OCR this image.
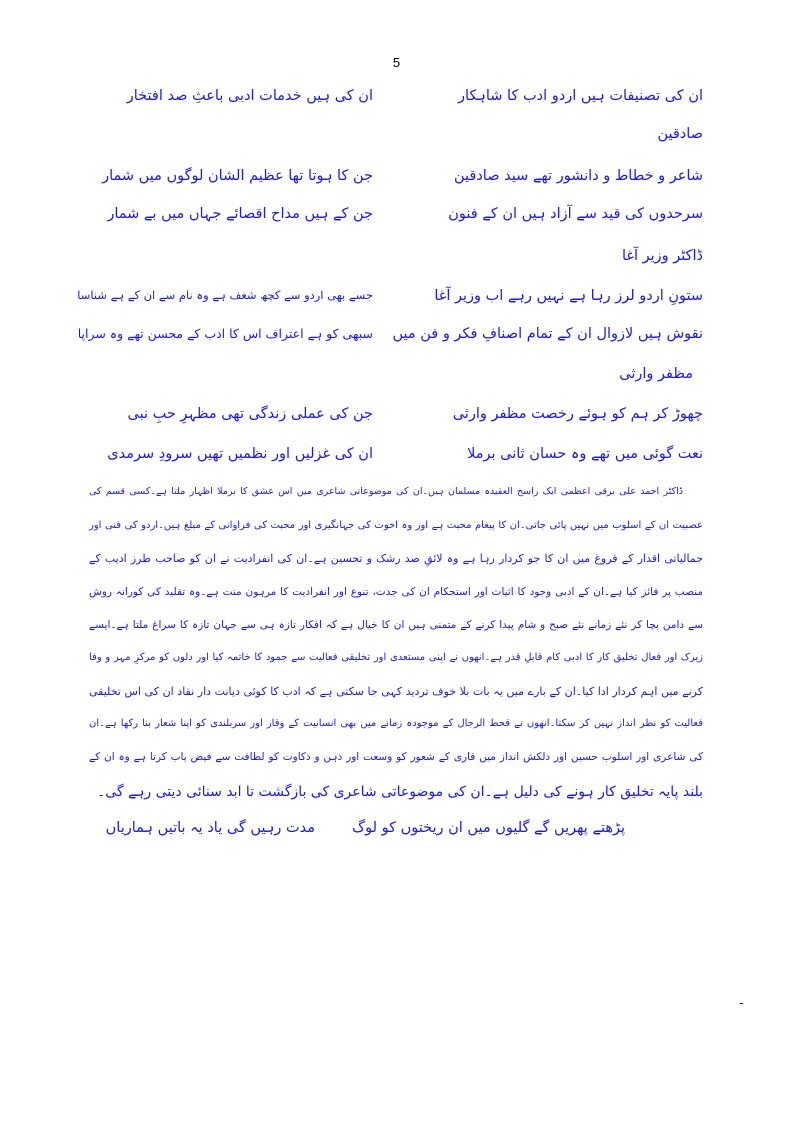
5
ان کی تصنیفات ہیں اردو ادب کا شاہکار
ان کی ہیں خدمات ادبی باعثِ صد افتخار
صادقین
شاعر و خطاط و دانشور تھے سید صادقین
جن کا ہوتا تھا عظیم الشان لوگوں میں شمار
سرحدوں کی قید سے آزاد ہیں ان کے فنون
جن کے ہیں مداح اقصائے جہاں میں بے شمار
ڈاکٹر وزیر آغا
ستونِ اردو لرز رہا ہے نہیں رہے اب وزیر آغا
جسے بھی اردو سے کچھ شغف ہے وہ نام سے ان کے ہے شناسا
نقوش ہیں لازوال ان کے تمام اصنافِ فکر و فن میں
سبھی کو ہے اعتراف اس کا ادب کے محسن تھے وہ سراپا
مظفر وارثی
چھوڑ کر ہم کو ہوئے رخصت مظفر وارثی
جن کی عملی زندگی تھی مظہرِ حبِ نبی
نعت گوئی میں تھے وہ حسان ثانی برملا
ان کی غزلیں اور نظمیں تھیں سرودِ سرمدی
ڈاکٹر احمد علی برقی اعظمی ایک راسخ العقیدہ مسلمان ہیں۔ان کی موضوعاتی شاعری میں اس عشق کا برملا اظہار ملتا ہے۔کسی قسم کی
عصبیت ان کے اسلوب میں نہیں پائی جاتی۔ان کا پیغام محبت ہے اور وہ اخوت کی جہانگیری اور محبت کی فراوانی کے مبلغ ہیں۔اردو کی فنی اور
جمالیاتی اقدار کے فروغ میں ان کا جو کردار رہا ہے وہ لائقِ صد رشک و تحسین ہے۔ان کی انفرادیت نے ان کو صاحب طرز ادیب کے
منصب پر فائز کیا ہے۔ان کے ادبی وجود کا اثبات اور استحکام ان کی جدت، تنوع اور انفرادیت کا مرہون منت ہے۔وہ تقلید کی کورانہ روش
سے دامن بچا کر نئے زمانے نئے صبح و شام پیدا کرنے کے متمنی ہیں ان کا خیال ہے کہ افکار تازہ ہی سے جہان تازہ کا سراغ ملتا ہے۔ایسے
زیرک اور فعال تخلیق کار کا ادبی کام قابلِ قدر ہے۔انھوں نے اپنی مستعدی اور تخلیقی فعالیت سے جمود کا خاتمہ کیا اور دلوں کو مرکزِ مہر و وفا
کرنے میں اہم کردار ادا کیا۔ان کے بارے میں یہ بات بلا خوف تردید کہی جا سکتی ہے کہ ادب کا کوئی دیانت دار نقاد ان کی اس تخلیقی
فعالیت کو نظر انداز نہیں کر سکتا۔انھوں نے قحط الرجال کے موجودہ زمانے میں بھی انسانیت کے وقار اور سربلندی کو اپنا شعار بنا رکھا ہے۔ان
کی شاعری اور اسلوب حسین اور دلکش انداز میں قاری کے شعور کو وسعت اور ذہن و ذکاوت کو لطافت سے فیض یاب کرتا ہے وہ ان کے
بلند پایہ تخلیق کار ہونے کی دلیل ہے۔ان کی موضوعاتی شاعری کی بازگشت تا ابد سنائی دیتی رہے گی۔
پڑھتے پھریں گے گلیوں میں ان ریختوں کو لوگ
مدت رہیں گی یاد یہ باتیں ہماریاں
ـ
